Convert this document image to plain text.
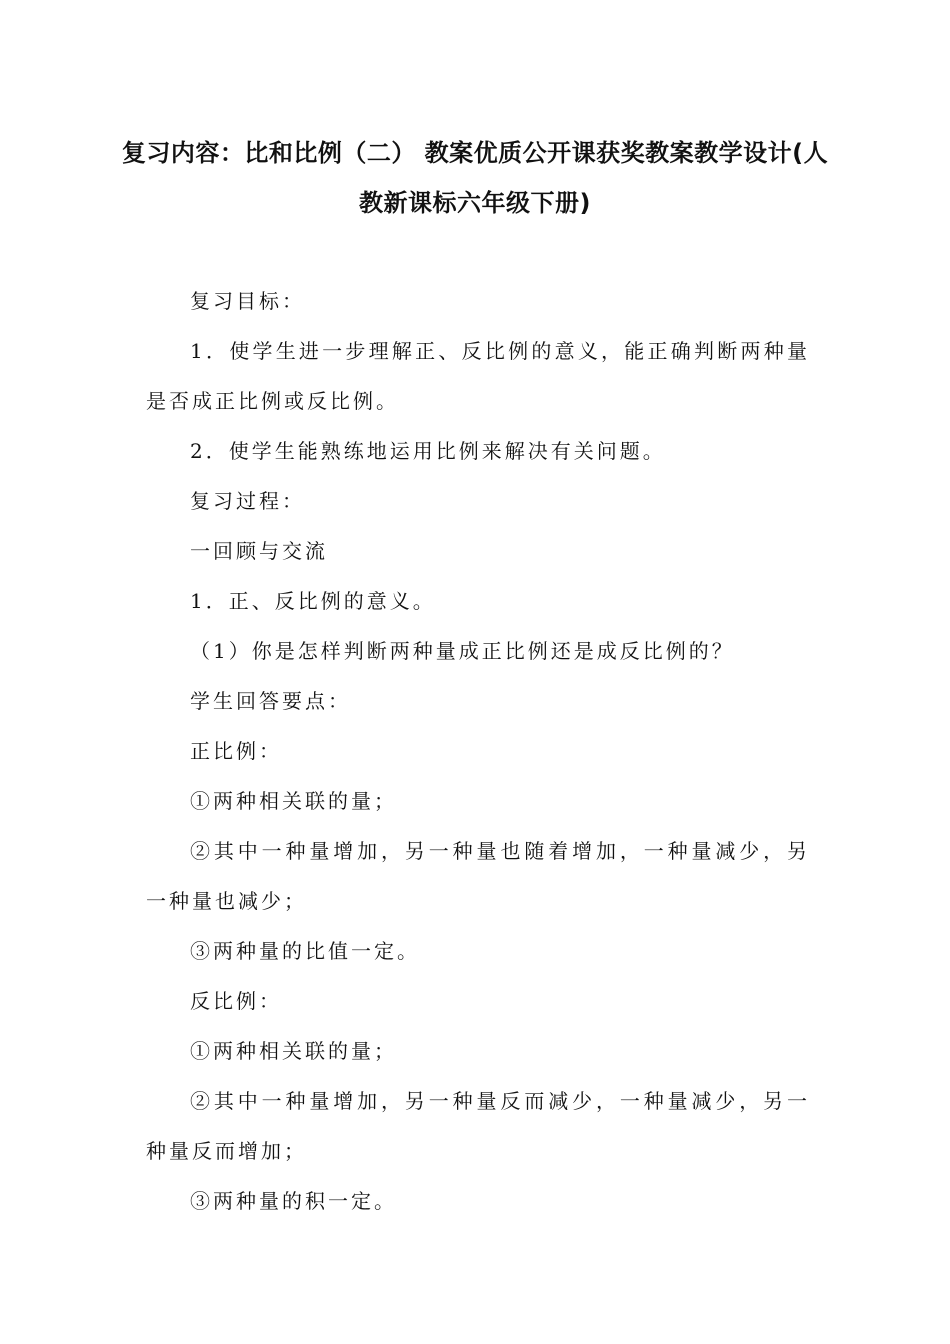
复习内容：比和比例（二） 教案优质公开课获奖教案教学设计(人
教新课标六年级下册)

复习目标：

1．使学生进一步理解正、反比例的意义，能正确判断两种量是否成正比例或反比例。

2．使学生能熟练地运用比例来解决有关问题。

复习过程：

一回顾与交流

1．正、反比例的意义。

（1）你是怎样判断两种量成正比例还是成反比例的？

学生回答要点：

正比例：

①两种相关联的量；

②其中一种量增加，另一种量也随着增加，一种量减少，另一种量也减少；

③两种量的比值一定。

反比例：

①两种相关联的量；

②其中一种量增加，另一种量反而减少，一种量减少，另一种量反而增加；

③两种量的积一定。
